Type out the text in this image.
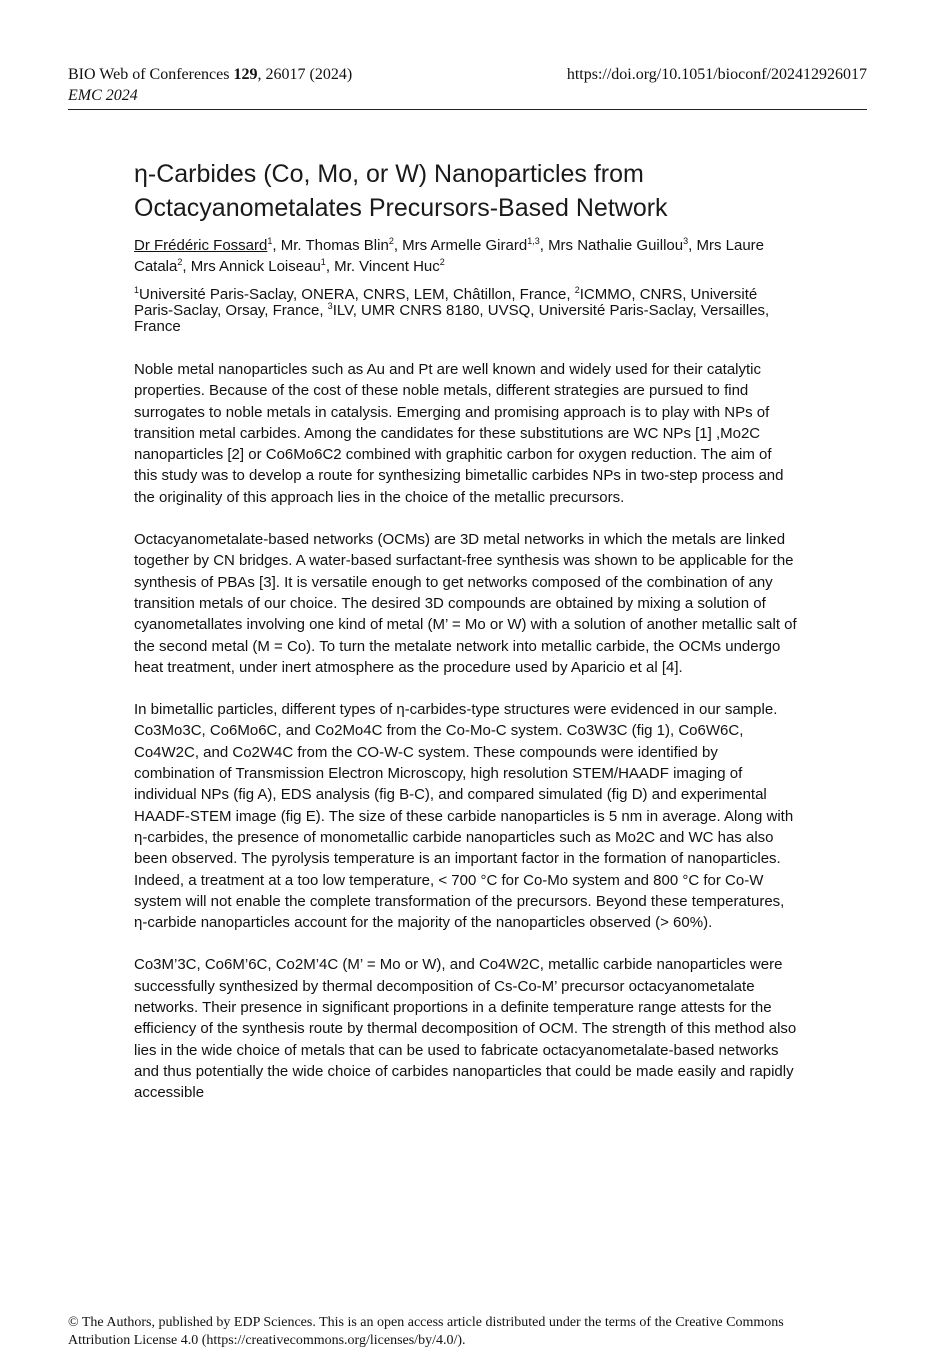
BIO Web of Conferences 129, 26017 (2024)
EMC 2024
https://doi.org/10.1051/bioconf/202412926017
η-Carbides (Co, Mo, or W) Nanoparticles from
Octacyanometalates Precursors-Based Network
Dr Frédéric Fossard$^1$, Mr. Thomas Blin$^2$, Mrs Armelle Girard$^{1,3}$, Mrs Nathalie Guillou$^3$, Mrs Laure Catala$^2$, Mrs Annick Loiseau$^1$, Mr. Vincent Huc$^2$
$^1$Université Paris-Saclay, ONERA, CNRS, LEM, Châtillon, France, $^2$ICMMO, CNRS, Université Paris-Saclay, Orsay, France, $^3$ILV, UMR CNRS 8180, UVSQ, Université Paris-Saclay, Versailles, France

Noble metal nanoparticles such as Au and Pt are well known and widely used for their catalytic properties. Because of the cost of these noble metals, different strategies are pursued to find surrogates to noble metals in catalysis. Emerging and promising approach is to play with NPs of transition metal carbides. Among the candidates for these substitutions are WC NPs [1] ,Mo2C nanoparticles [2] or Co6Mo6C2 combined with graphitic carbon for oxygen reduction. The aim of this study was to develop a route for synthesizing bimetallic carbides NPs in two-step process and the originality of this approach lies in the choice of the metallic precursors.

Octacyanometalate-based networks (OCMs) are 3D metal networks in which the metals are linked together by CN bridges. A water-based surfactant-free synthesis was shown to be applicable for the synthesis of PBAs [3]. It is versatile enough to get networks composed of the combination of any transition metals of our choice. The desired 3D compounds are obtained by mixing a solution of cyanometallates involving one kind of metal (M’ = Mo or W) with a solution of another metallic salt of the second metal (M = Co). To turn the metalate network into metallic carbide, the OCMs undergo heat treatment, under inert atmosphere as the procedure used by Aparicio et al [4].

In bimetallic particles, different types of η-carbides-type structures were evidenced in our sample. Co3Mo3C, Co6Mo6C, and Co2Mo4C from the Co-Mo-C system. Co3W3C (fig 1), Co6W6C, Co4W2C, and Co2W4C from the CO-W-C system. These compounds were identified by combination of Transmission Electron Microscopy, high resolution STEM/HAADF imaging of individual NPs (fig A), EDS analysis (fig B-C), and compared simulated (fig D) and experimental HAADF-STEM image (fig E). The size of these carbide nanoparticles is 5 nm in average. Along with η-carbides, the presence of monometallic carbide nanoparticles such as Mo2C and WC has also been observed. The pyrolysis temperature is an important factor in the formation of nanoparticles. Indeed, a treatment at a too low temperature, < 700 °C for Co-Mo system and 800 °C for Co-W system will not enable the complete transformation of the precursors. Beyond these temperatures, η-carbide nanoparticles account for the majority of the nanoparticles observed (> 60%).

Co3M’3C, Co6M’6C, Co2M’4C (M’ = Mo or W), and Co4W2C, metallic carbide nanoparticles were successfully synthesized by thermal decomposition of Cs-Co-M’ precursor octacyanometalate networks. Their presence in significant proportions in a definite temperature range attests for the efficiency of the synthesis route by thermal decomposition of OCM. The strength of this method also lies in the wide choice of metals that can be used to fabricate octacyanometalate-based networks and thus potentially the wide choice of carbides nanoparticles that could be made easily and rapidly accessible

© The Authors, published by EDP Sciences. This is an open access article distributed under the terms of the Creative Commons
Attribution License 4.0 (https://creativecommons.org/licenses/by/4.0/).
